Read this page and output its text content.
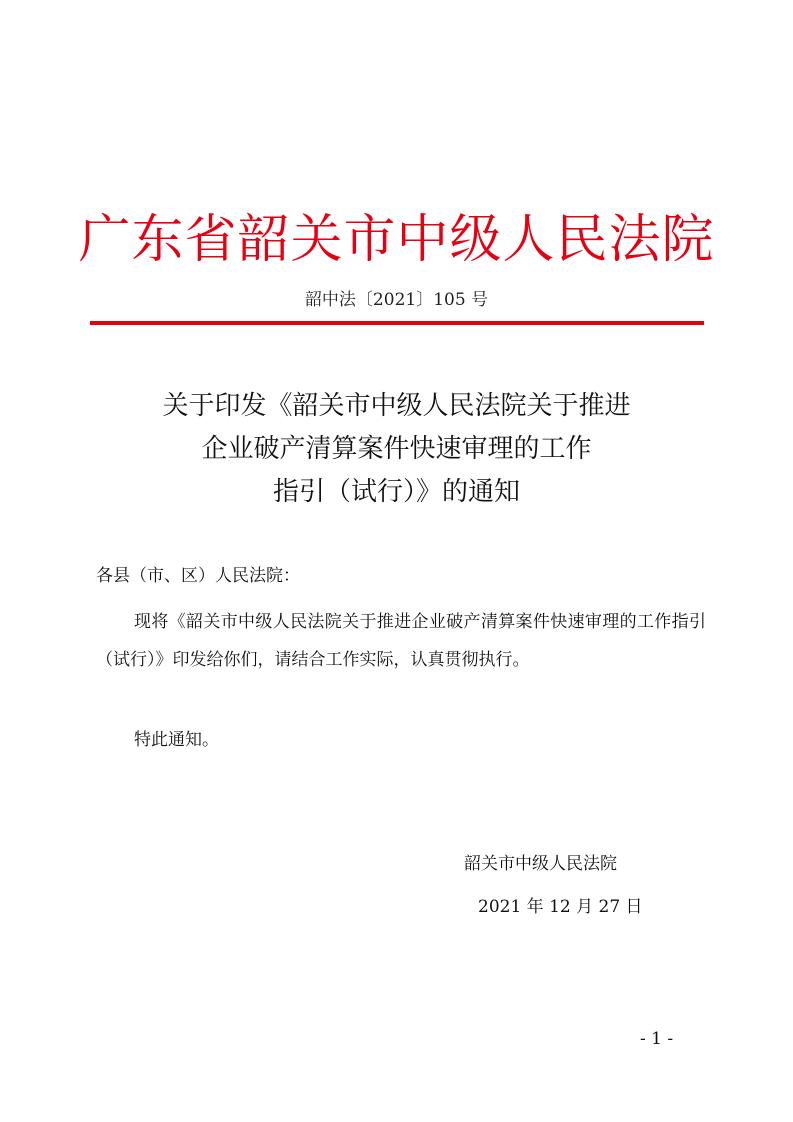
广东省韶关市中级人民法院
韶中法〔2021〕105 号
关于印发《韶关市中级人民法院关于推进
企业破产清算案件快速审理的工作
指引（试行）》的通知
各县（市、区）人民法院：
现将《韶关市中级人民法院关于推进企业破产清算案件快速审理的工作指引（试行）》印发给你们，请结合工作实际，认真贯彻执行。
特此通知。
韶关市中级人民法院
2021 年 12 月 27 日
- 1 -
